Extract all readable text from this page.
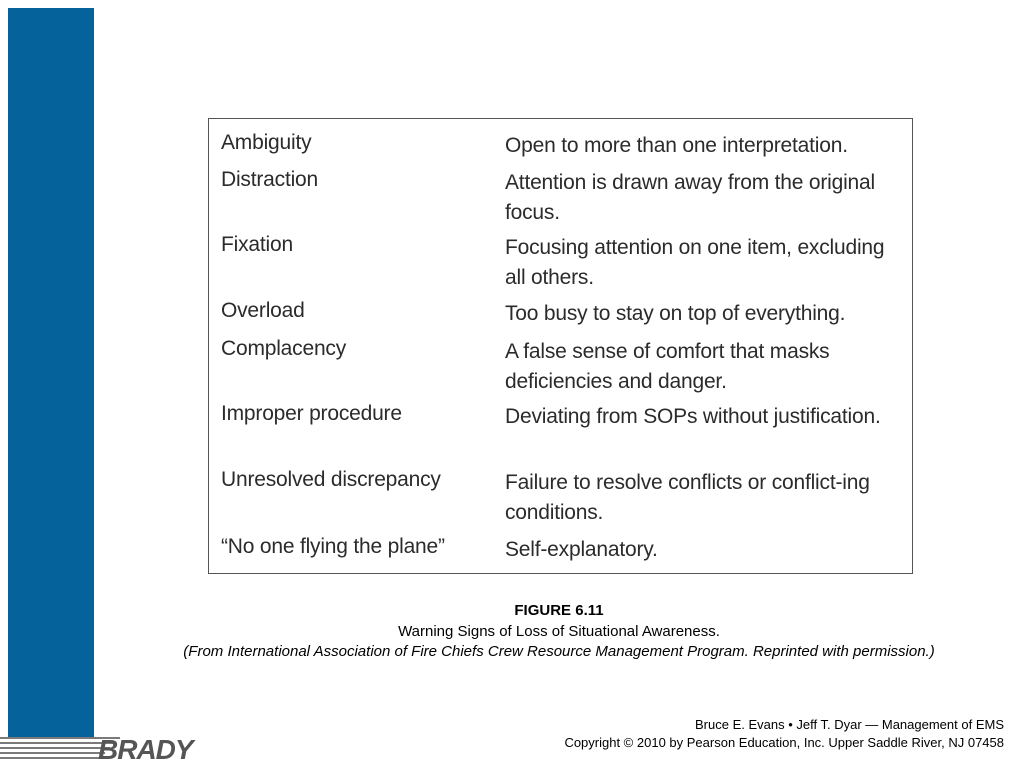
Ambiguity	Open to more than one interpretation.
Distraction	Attention is drawn away from the original focus.
Fixation	Focusing attention on one item, excluding all others.
Overload	Too busy to stay on top of everything.
Complacency	A false sense of comfort that masks deficiencies and danger.
Improper procedure	Deviating from SOPs without justification.
Unresolved discrepancy	Failure to resolve conflicts or conflict-ing conditions.
“No one flying the plane”	Self-explanatory.
FIGURE 6.11
Warning Signs of Loss of Situational Awareness.
(From International Association of Fire Chiefs Crew Resource Management Program. Reprinted with permission.)
Bruce E. Evans • Jeff T. Dyar — Management of EMS
Copyright © 2010 by Pearson Education, Inc. Upper Saddle River, NJ 07458
BRADY
